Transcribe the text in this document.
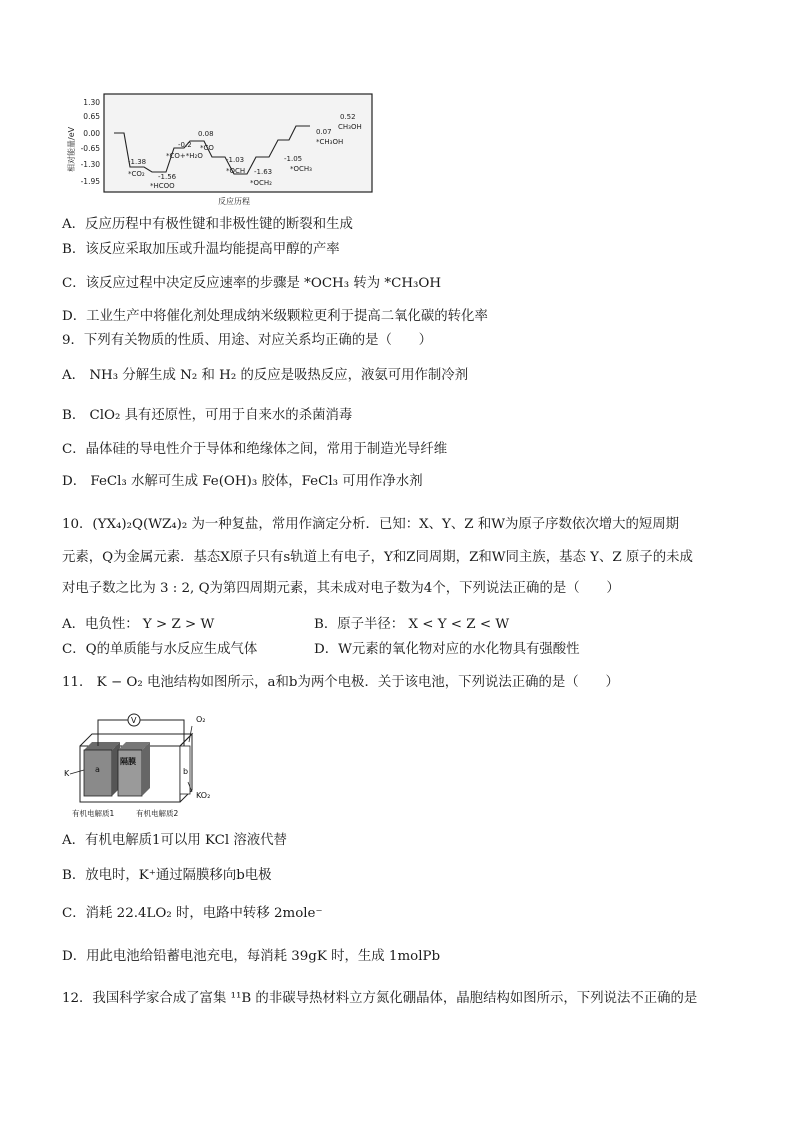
相对能量/eV
1.30
0.65
0.00
-0.65
-1.30
-1.95
-1.38
*CO₂ -1.56
*HCOO
-0.2
*CO+*H₂O
0.08
*CO
-1.03
*OCH -1.63
*OCH₂
-1.05
*OCH₃
0.07
*CH₃OH
0.52
CH₃OH
反应历程
A．反应历程中有极性键和非极性键的断裂和生成
B．该反应采取加压或升温均能提高甲醇的产率
C．该反应过程中决定反应速率的步骤是 *OCH₃ 转为 *CH₃OH
D．工业生产中将催化剂处理成纳米级颗粒更利于提高二氧化碳的转化率
9．下列有关物质的性质、用途、对应关系均正确的是（　　）
A． NH₃ 分解生成 N₂ 和 H₂ 的反应是吸热反应，液氨可用作制冷剂
B． ClO₂ 具有还原性，可用于自来水的杀菌消毒
C．晶体硅的导电性介于导体和绝缘体之间，常用于制造光导纤维
D． FeCl₃ 水解可生成 Fe(OH)₃ 胶体，FeCl₃ 可用作净水剂
10．(YX₄)₂Q(WZ₄)₂ 为一种复盐，常用作滴定分析．已知：X、Y、Z 和W为原子序数依次增大的短周期
元素，Q为金属元素．基态X原子只有s轨道上有电子，Y和Z同周期，Z和W同主族，基态 Y、Z 原子的未成
对电子数之比为 3 : 2, Q为第四周期元素，其未成对电子数为4个，下列说法正确的是（　　）
A．电负性： Y > Z > W	B．原子半径： X < Y < Z < W
C．Q的单质能与水反应生成气体	D．W元素的氧化物对应的水化物具有强酸性
11． K − O₂ 电池结构如图所示，a和b为两个电极．关于该电池，下列说法正确的是（　　）
V
K	a
隔膜
b
O₂
KO₂
有机电解质1	有机电解质2
A．有机电解质1可以用 KCl 溶液代替
B．放电时，K⁺通过隔膜移向b电极
C．消耗 22.4LO₂ 时，电路中转移 2mole⁻
D．用此电池给铅蓄电池充电，每消耗 39gK 时，生成 1molPb
12．我国科学家合成了富集 ¹¹B 的非碳导热材料立方氮化硼晶体，晶胞结构如图所示，下列说法不正确的是
